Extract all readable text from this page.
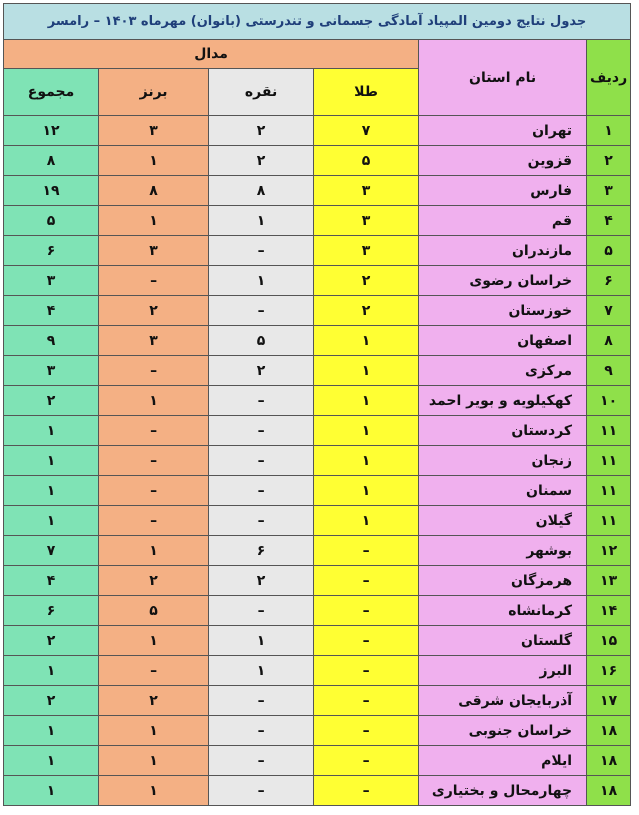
جدول نتایج دومین المپیاد آمادگی جسمانی و تندرستی (بانوان) مهرماه ۱۴۰۳ – رامسر					
ردیف	نام استان	مدال			
		طلا	نقره	برنز	مجموع
۱	تهران	۷	۲	۳	۱۲
۲	قزوین	۵	۲	۱	۸
۳	فارس	۳	۸	۸	۱۹
۴	قم	۳	۱	۱	۵
۵	مازندران	۳	–	۳	۶
۶	خراسان رضوی	۲	۱	–	۳
۷	خوزستان	۲	–	۲	۴
۸	اصفهان	۱	۵	۳	۹
۹	مرکزی	۱	۲	–	۳
۱۰	کهکیلویه و بویر احمد	۱	–	۱	۲
۱۱	کردستان	۱	–	–	۱
۱۱	زنجان	۱	–	–	۱
۱۱	سمنان	۱	–	–	۱
۱۱	گیلان	۱	–	–	۱
۱۲	بوشهر	–	۶	۱	۷
۱۳	هرمزگان	–	۲	۲	۴
۱۴	کرمانشاه	–	–	۵	۶
۱۵	گلستان	–	۱	۱	۲
۱۶	البرز	–	۱	–	۱
۱۷	آذربایجان شرقی	–	–	۲	۲
۱۸	خراسان جنوبی	–	–	۱	۱
۱۸	ایلام	–	–	۱	۱
۱۸	چهارمحال و بختیاری	–	–	۱	۱
